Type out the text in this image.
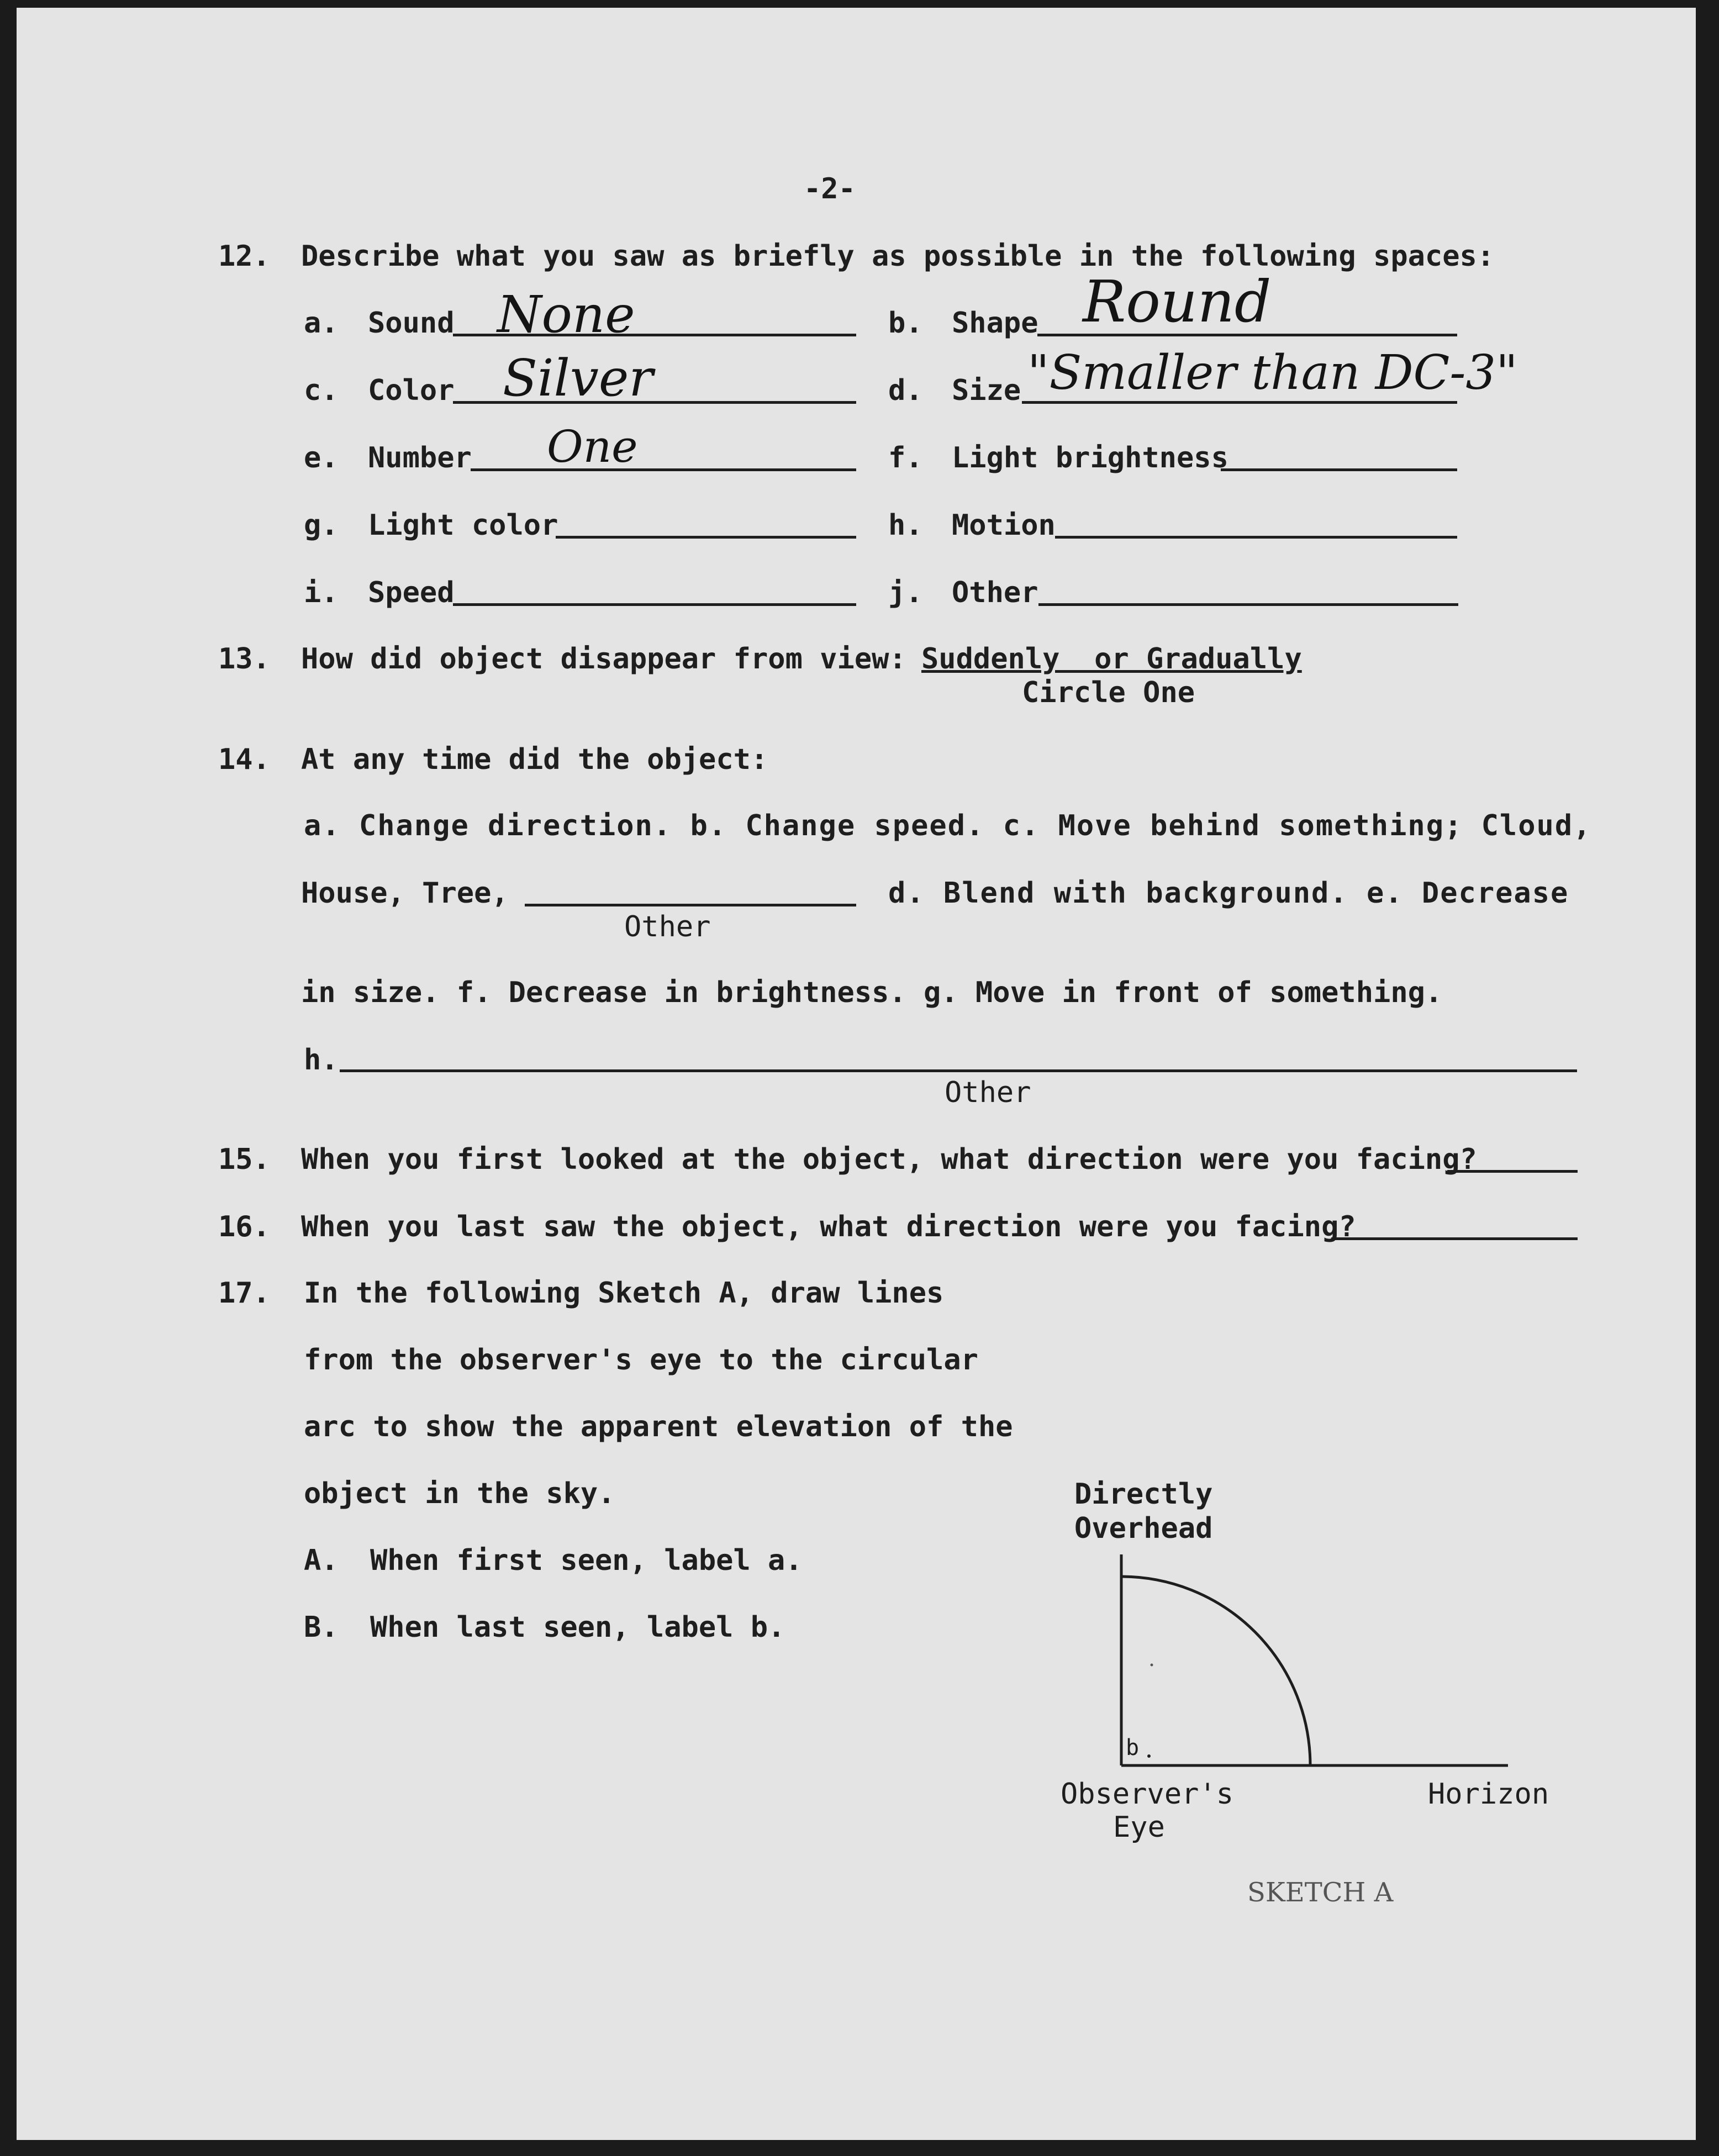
-2-
12. Describe what you saw as briefly as possible in the following spaces:
a. Sound None	b. Shape Round
c. Color Silver	d. Size "Smaller than DC-3"
e. Number One	f. Light brightness
g. Light color	h. Motion
i. Speed	j. Other
13. How did object disappear from view: Suddenly  or Gradually
Circle One
14. At any time did the object:
a. Change direction. b. Change speed. c. Move behind something; Cloud,
House, Tree,
Other
d. Blend with background. e. Decrease
in size. f. Decrease in brightness. g. Move in front of something.
h.
Other
15. When you first looked at the object, what direction were you facing?
16. When you last saw the object, what direction were you facing?
17. In the following Sketch A, draw lines
from the observer's eye to the circular
arc to show the apparent elevation of the
object in the sky.
A. When first seen, label a.
B. When last seen, label b.
Directly
Overhead
b
Observer's
Eye
Horizon
SKETCH A
